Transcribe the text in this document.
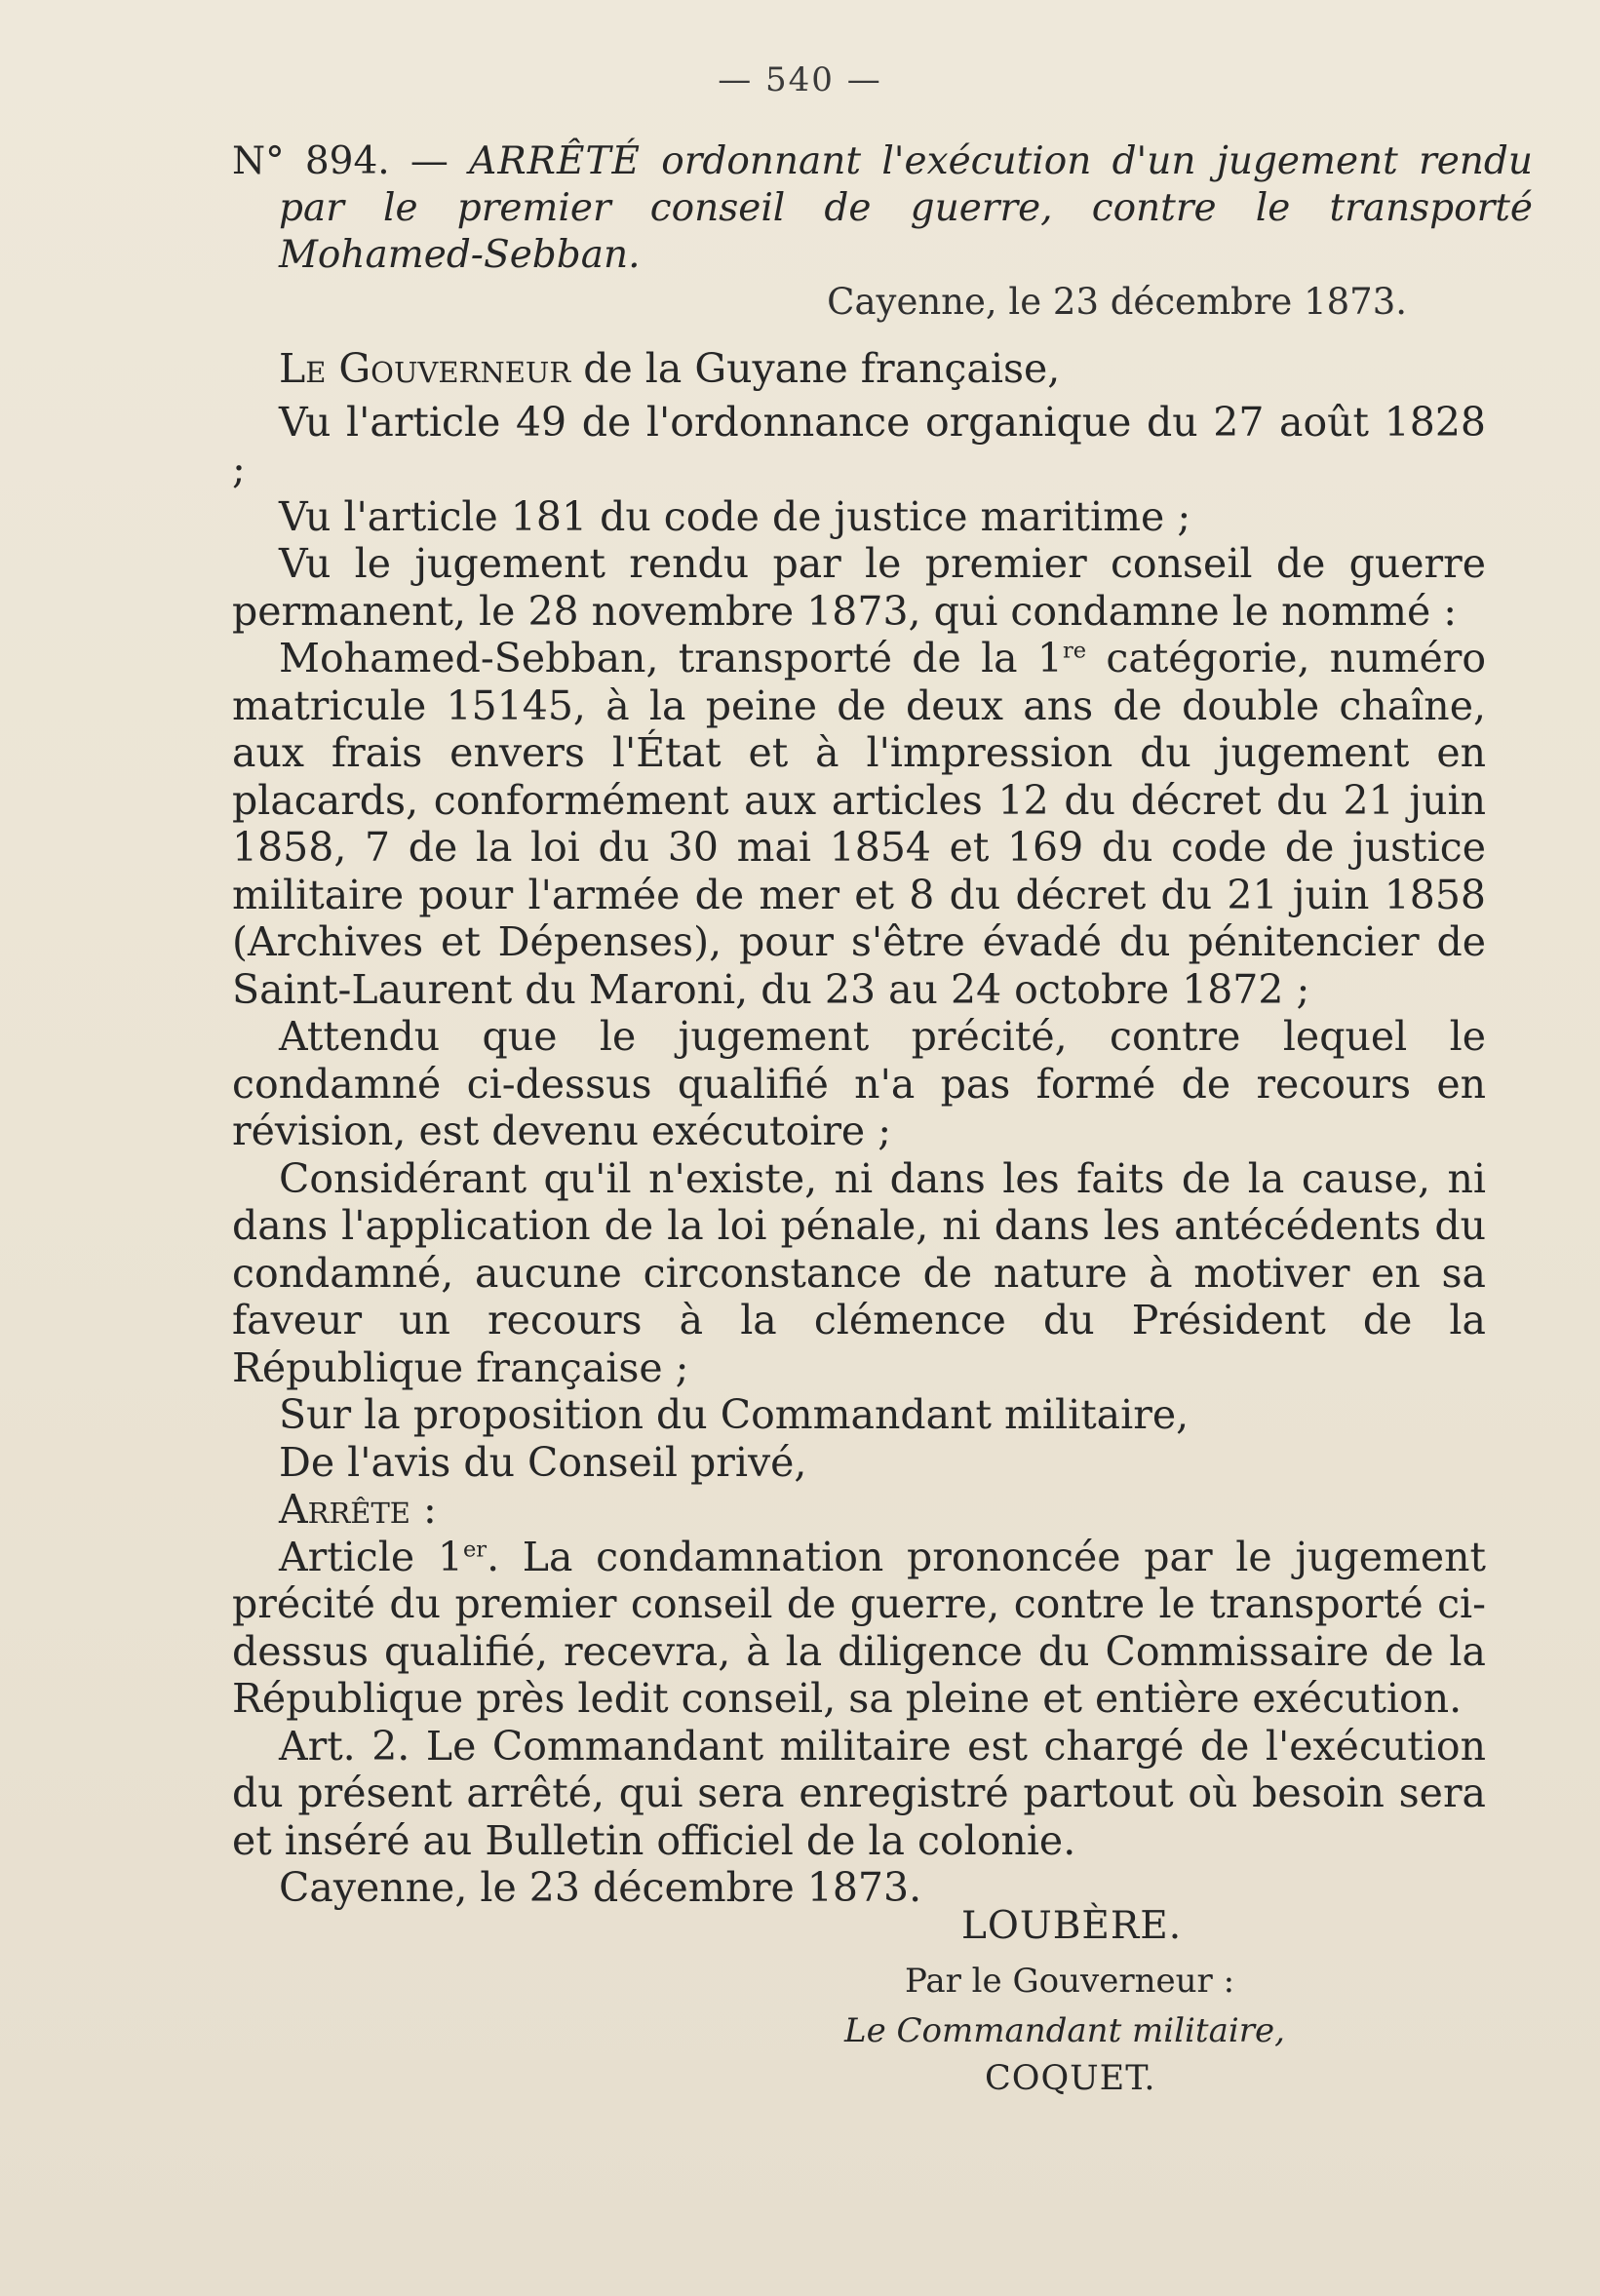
— 540 —
N° 894. — ARRÊTÉ ordonnant l'exécution d'un jugement rendu par le premier conseil de guerre, contre le transporté Mohamed-Sebban.
Cayenne, le 23 décembre 1873.

Le Gouverneur de la Guyane française,

Vu l'article 49 de l'ordonnance organique du 27 août 1828 ;

Vu l'article 181 du code de justice maritime ;

Vu le jugement rendu par le premier conseil de guerre permanent, le 28 novembre 1873, qui condamne le nommé :

Mohamed-Sebban, transporté de la 1re catégorie, numéro matricule 15145, à la peine de deux ans de double chaîne, aux frais envers l'État et à l'impression du jugement en placards, conformément aux articles 12 du décret du 21 juin 1858, 7 de la loi du 30 mai 1854 et 169 du code de justice militaire pour l'armée de mer et 8 du décret du 21 juin 1858 (Archives et Dépenses), pour s'être évadé du pénitencier de Saint-Laurent du Maroni, du 23 au 24 octobre 1872 ;

Attendu que le jugement précité, contre lequel le condamné ci-dessus qualifié n'a pas formé de recours en révision, est devenu exécutoire ;

Considérant qu'il n'existe, ni dans les faits de la cause, ni dans l'application de la loi pénale, ni dans les antécédents du condamné, aucune circonstance de nature à motiver en sa faveur un recours à la clémence du Président de la République française ;

Sur la proposition du Commandant militaire,

De l'avis du Conseil privé,

Arrête :

Article 1er. La condamnation prononcée par le jugement précité du premier conseil de guerre, contre le transporté ci-dessus qualifié, recevra, à la diligence du Commissaire de la République près ledit conseil, sa pleine et entière exécution.

Art. 2. Le Commandant militaire est chargé de l'exécution du présent arrêté, qui sera enregistré partout où besoin sera et inséré au Bulletin officiel de la colonie.

Cayenne, le 23 décembre 1873.

LOUBÈRE.
Par le Gouverneur :
Le Commandant militaire,
COQUET.
